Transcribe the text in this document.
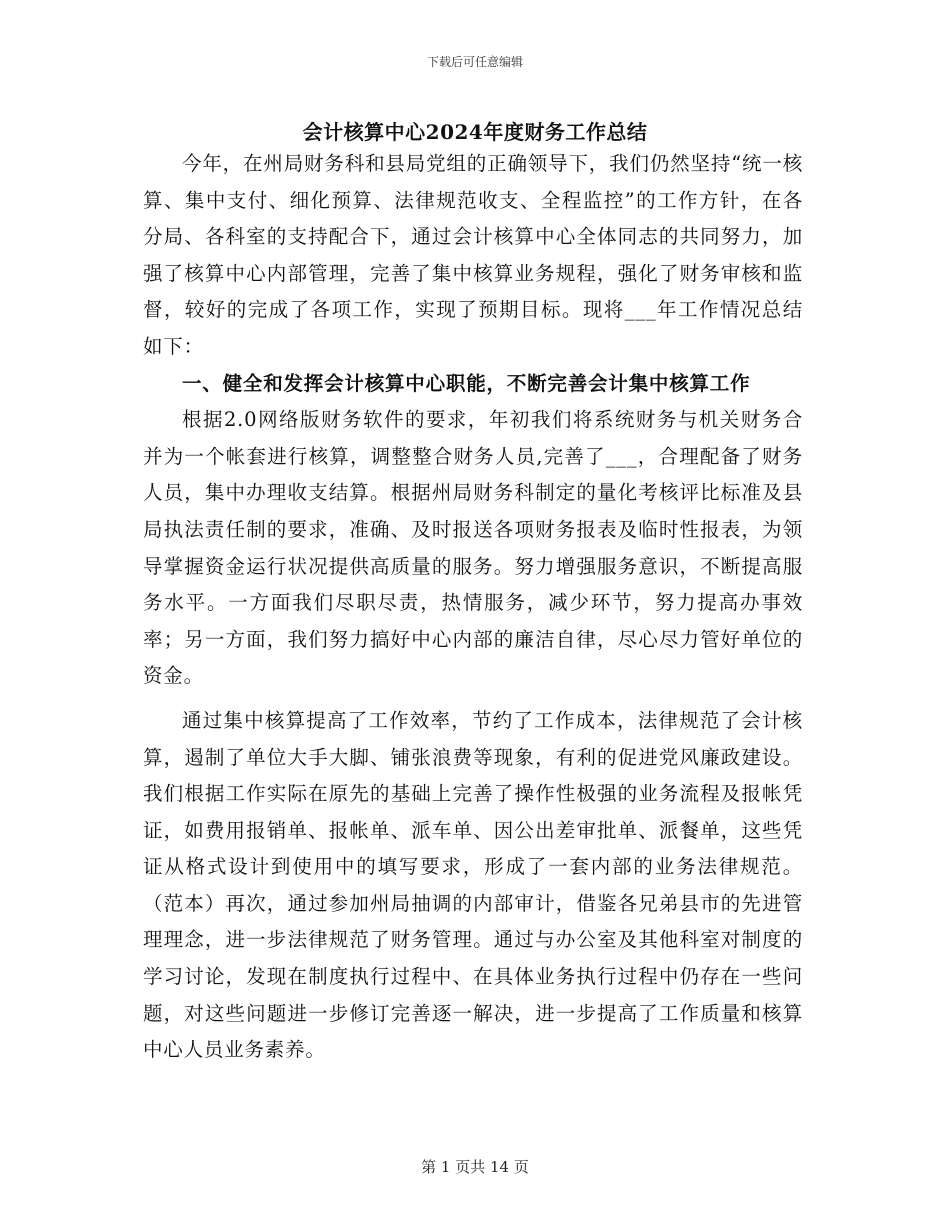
下载后可任意编辑
会计核算中心2024年度财务工作总结

今年，在州局财务科和县局党组的正确领导下，我们仍然坚持“统一核算、集中支付、细化预算、法律规范收支、全程监控”的工作方针，在各分局、各科室的支持配合下，通过会计核算中心全体同志的共同努力，加强了核算中心内部管理，完善了集中核算业务规程，强化了财务审核和监督，较好的完成了各项工作，实现了预期目标。现将___年工作情况总结如下：

一、健全和发挥会计核算中心职能，不断完善会计集中核算工作

根据2.0网络版财务软件的要求，年初我们将系统财务与机关财务合并为一个帐套进行核算，调整整合财务人员,完善了___，合理配备了财务人员，集中办理收支结算。根据州局财务科制定的量化考核评比标准及县局执法责任制的要求，准确、及时报送各项财务报表及临时性报表，为领导掌握资金运行状况提供高质量的服务。努力增强服务意识，不断提高服务水平。一方面我们尽职尽责，热情服务，减少环节，努力提高办事效率；另一方面，我们努力搞好中心内部的廉洁自律，尽心尽力管好单位的资金。

通过集中核算提高了工作效率，节约了工作成本，法律规范了会计核算，遏制了单位大手大脚、铺张浪费等现象，有利的促进党风廉政建设。我们根据工作实际在原先的基础上完善了操作性极强的业务流程及报帐凭证，如费用报销单、报帐单、派车单、因公出差审批单、派餐单，这些凭证从格式设计到使用中的填写要求，形成了一套内部的业务法律规范。（范本）再次，通过参加州局抽调的内部审计，借鉴各兄弟县市的先进管理理念，进一步法律规范了财务管理。通过与办公室及其他科室对制度的学习讨论，发现在制度执行过程中、在具体业务执行过程中仍存在一些问题，对这些问题进一步修订完善逐一解决，进一步提高了工作质量和核算中心人员业务素养。

第 1 页共 14 页
